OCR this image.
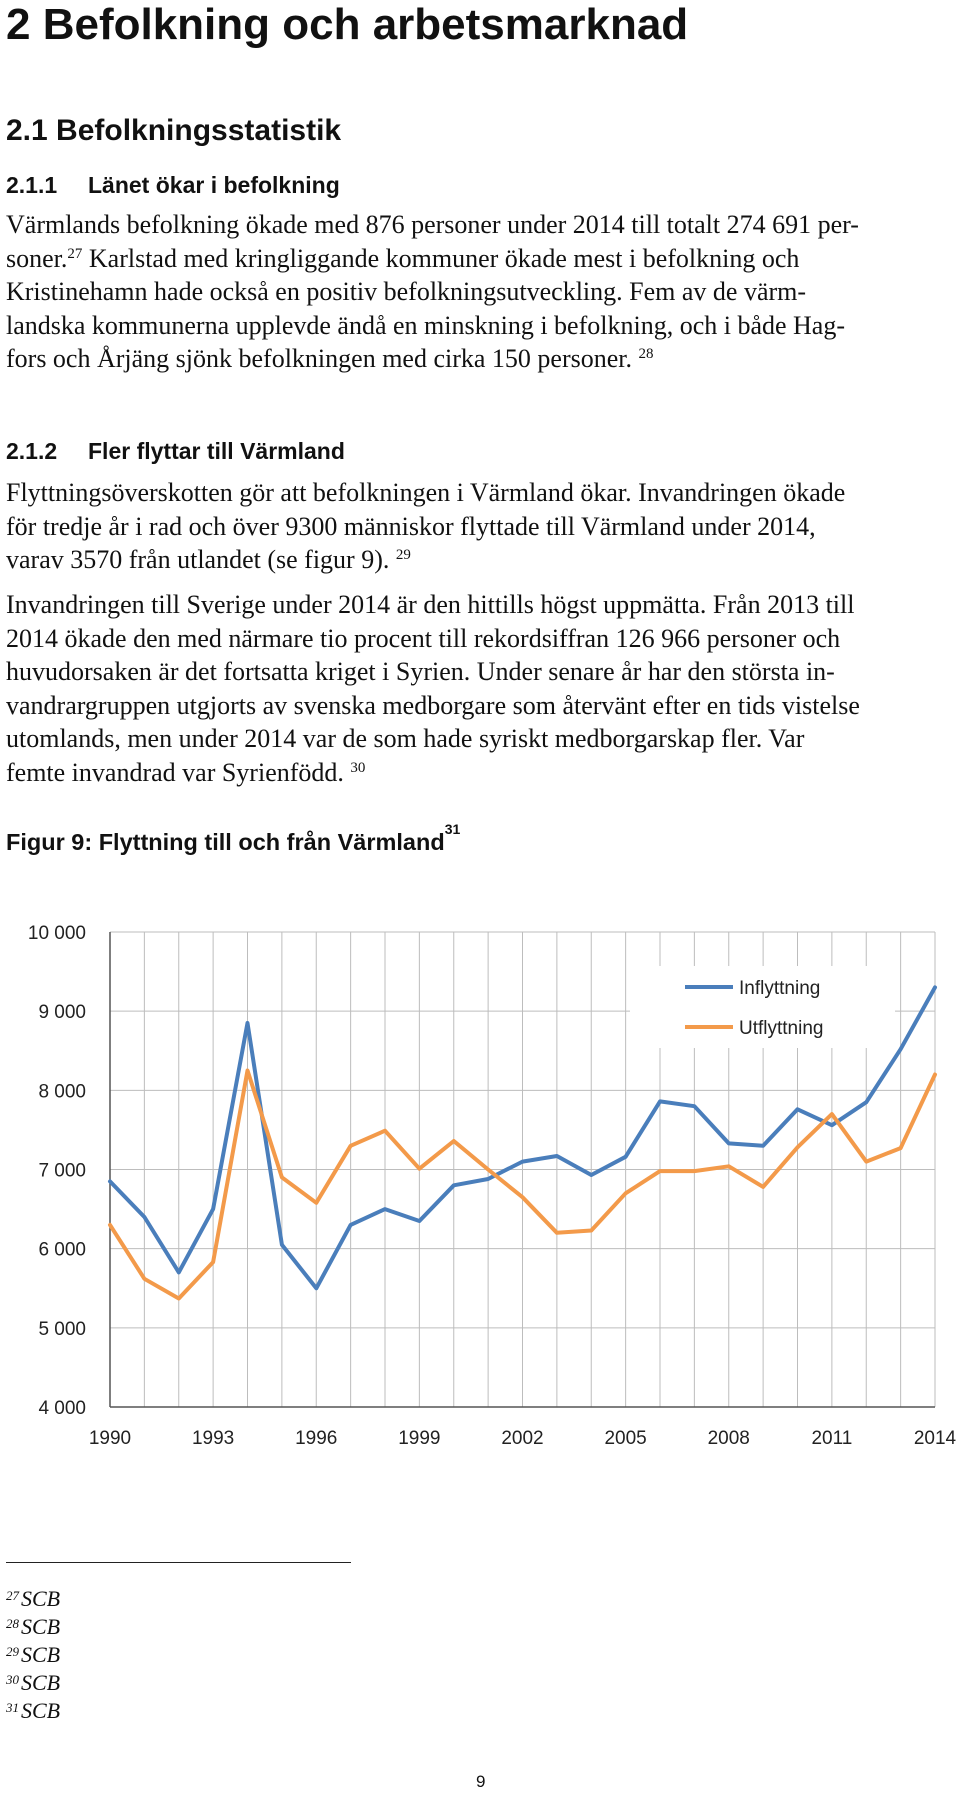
2 Befolkning och arbetsmarknad
2.1 Befolkningsstatistik
2.1.1 Länet ökar i befolkning

Värmlands befolkning ökade med 876 personer under 2014 till totalt 274 691 per-
soner.$^{27}$ Karlstad med kringliggande kommuner ökade mest i befolkning och
Kristinehamn hade också en positiv befolkningsutveckling. Fem av de värm-
landska kommunerna upplevde ändå en minskning i befolkning, och i både Hag-
fors och Årjäng sjönk befolkningen med cirka 150 personer. $^{28}$

2.1.2 Fler flyttar till Värmland

Flyttningsöverskotten gör att befolkningen i Värmland ökar. Invandringen ökade
för tredje år i rad och över 9300 människor flyttade till Värmland under 2014,
varav 3570 från utlandet (se figur 9). $^{29}$

Invandringen till Sverige under 2014 är den hittills högst uppmätta. Från 2013 till
2014 ökade den med närmare tio procent till rekordsiffran 126 966 personer och
huvudorsaken är det fortsatta kriget i Syrien. Under senare år har den största in-
vandrargruppen utgjorts av svenska medborgare som återvänt efter en tids vistelse
utomlands, men under 2014 var de som hade syriskt medborgarskap fler. Var
femte invandrad var Syrienfödd. $^{30}$

Figur 9: Flyttning till och från Värmland$^{31}$

4 000
5 000
6 000
7 000
8 000
9 000
10 000
1990	1993	1996	1999	2002	2005	2008	2011	2014
Inflyttning
Utflyttning
$^{27}$SCB
$^{28}$SCB
$^{29}$SCB
$^{30}$SCB
$^{31}$SCB
9
